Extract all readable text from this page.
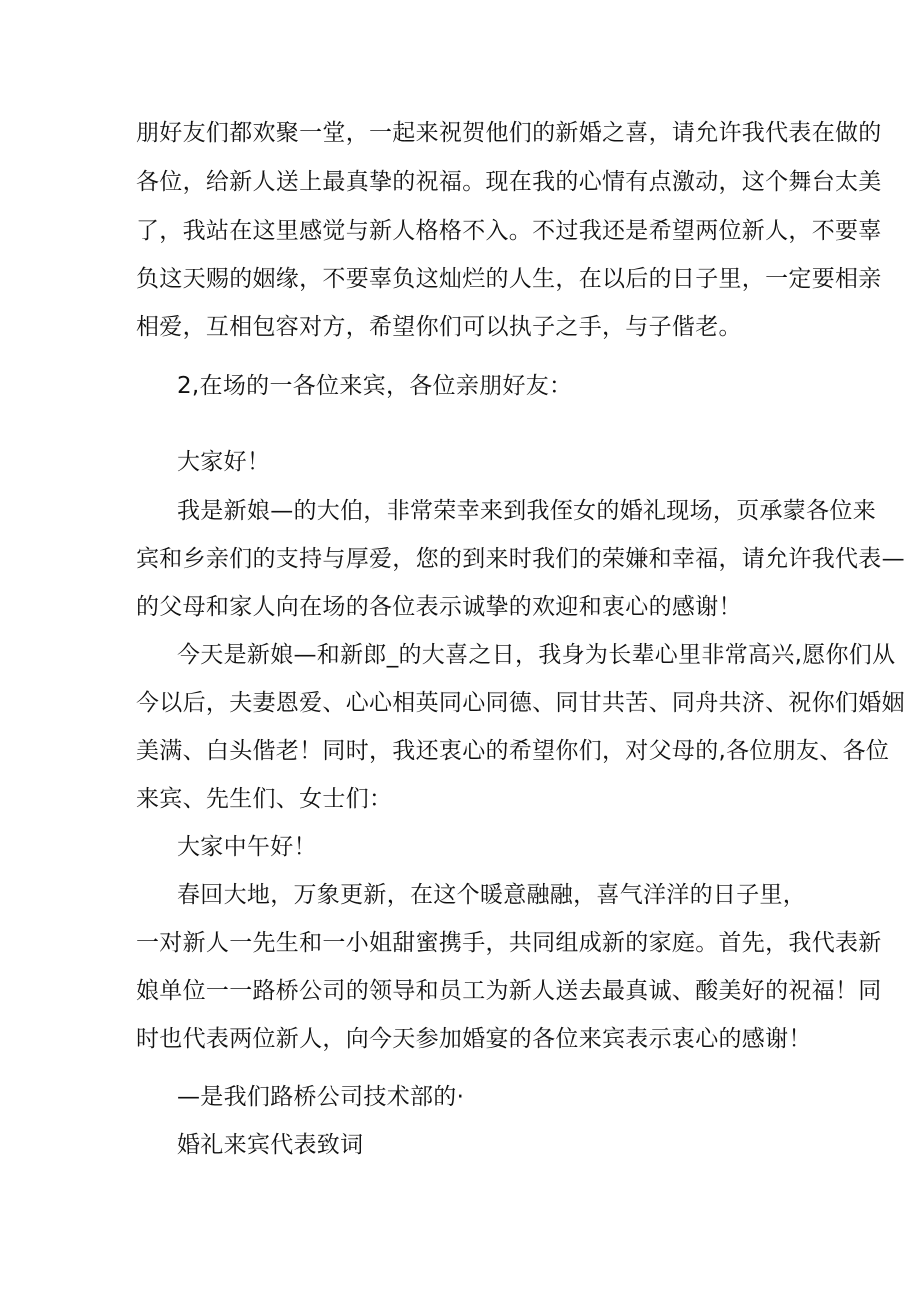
朋好友们都欢聚一堂，一起来祝贺他们的新婚之喜，请允许我代表在做的
各位，给新人送上最真挚的祝福。现在我的心情有点激动，这个舞台太美
了，我站在这里感觉与新人格格不入。不过我还是希望两位新人，不要辜
负这天赐的姻缘，不要辜负这灿烂的人生，在以后的日子里，一定要相亲
相爱，互相包容对方，希望你们可以执子之手，与子偕老。
2,在场的一各位来宾，各位亲朋好友：
大家好！
我是新娘—的大伯，非常荣幸来到我侄女的婚礼现场，页承蒙各位来
宾和乡亲们的支持与厚爱，您的到来时我们的荣嫌和幸福，请允许我代表—
的父母和家人向在场的各位表示诚挚的欢迎和衷心的感谢！
今天是新娘—和新郎_的大喜之日，我身为长辈心里非常高兴,愿你们从
今以后，夫妻恩爱、心心相英同心同德、同甘共苦、同舟共济、祝你们婚姻
美满、白头偕老！同时，我还衷心的希望你们，对父母的,各位朋友、各位
来宾、先生们、女士们：
大家中午好！
春回大地，万象更新，在这个暖意融融，喜气洋洋的日子里，
一对新人一先生和一小姐甜蜜携手，共同组成新的家庭。首先，我代表新
娘单位一一路桥公司的领导和员工为新人送去最真诚、酸美好的祝福！同
时也代表两位新人，向今天参加婚宴的各位来宾表示衷心的感谢！
—是我们路桥公司技术部的·
婚礼来宾代表致词
